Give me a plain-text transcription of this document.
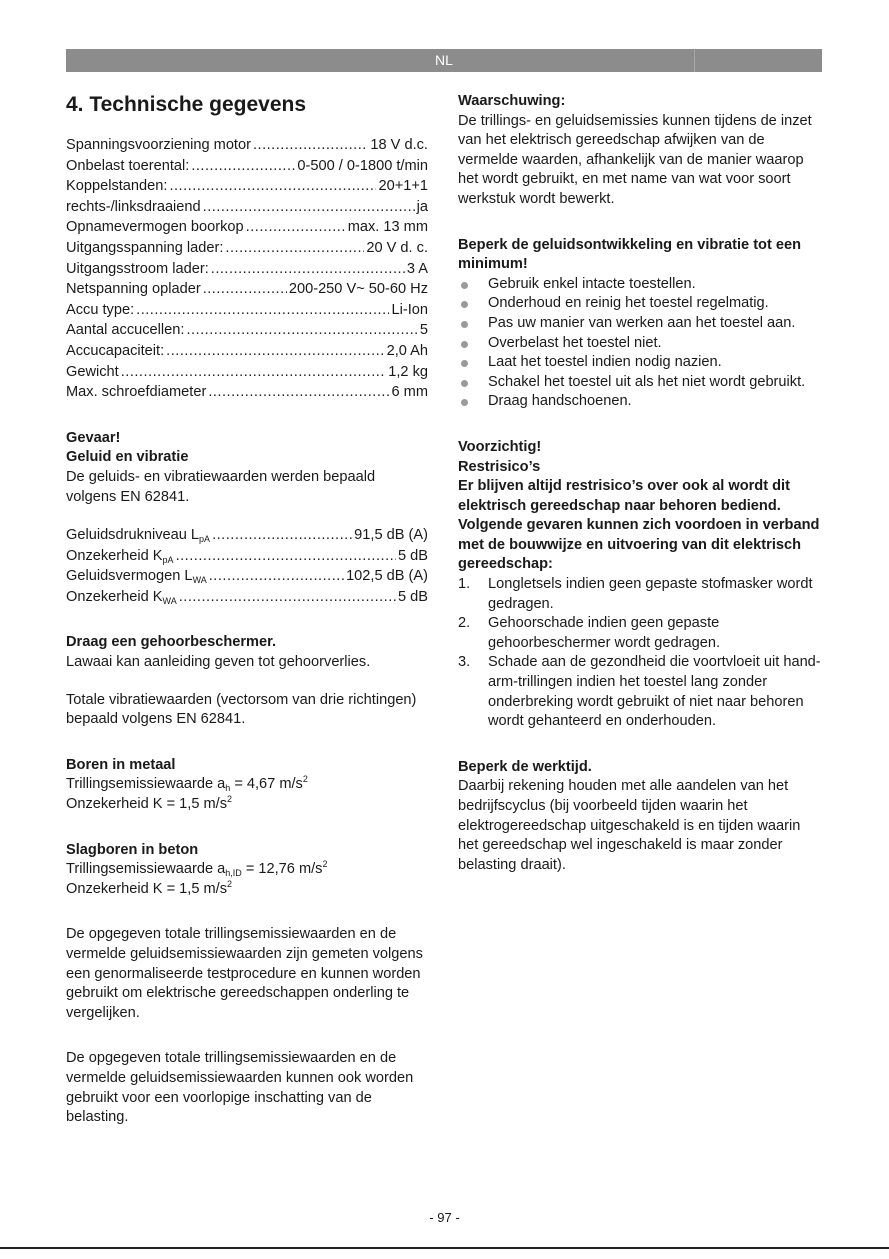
NL
4. Technische gegevens
Spanningsvoorziening motor .....	18 V d.c.
Onbelast toerental: .....	0-500 / 0-1800 t/min
Koppelstanden: .....	20+1+1
rechts-/linksdraaiend .....	ja
Opnamevermogen boorkop .....	max. 13 mm
Uitgangsspanning lader: .....	20 V d. c.
Uitgangsstroom lader: .....	3 A
Netspanning oplader .....	200-250 V~ 50-60 Hz
Accu type: .....	Li-Ion
Aantal accucellen: .....	5
Accucapaciteit: .....	2,0 Ah
Gewicht .....	1,2 kg
Max. schroefdiameter .....	6 mm
Gevaar!
Geluid en vibratie
De geluids- en vibratiewaarden werden bepaald volgens EN 62841.
Geluidsdrukniveau $L_{pA}$ .....	91,5 dB (A)
Onzekerheid $K_{pA}$ .....	5 dB
Geluidsvermogen $L_{WA}$ .....	102,5 dB (A)
Onzekerheid $K_{WA}$ .....	5 dB
Draag een gehoorbeschermer.
Lawaai kan aanleiding geven tot gehoorverlies.
Totale vibratiewaarden (vectorsom van drie richtingen) bepaald volgens EN 62841.
Boren in metaal
Trillingsemissiewaarde $a_h = 4,67$ $m/s^2$
Onzekerheid K = 1,5 $m/s^2$
Slagboren in beton
Trillingsemissiewaarde $a_{h,ID} = 12,76$ $m/s^2$
Onzekerheid K = 1,5 $m/s^2$
De opgegeven totale trillingsemissiewaarden en de vermelde geluidsemissiewaarden zijn gemeten volgens een genormaliseerde testprocedure en kunnen worden gebruikt om elektrische gereedschappen onderling te vergelijken.
De opgegeven totale trillingsemissiewaarden en de vermelde geluidsemissiewaarden kunnen ook worden gebruikt voor een voorlopige inschatting van de belasting.
Waarschuwing:
De trillings- en geluidsemissies kunnen tijdens de inzet van het elektrisch gereedschap afwijken van de vermelde waarden, afhankelijk van de manier waarop het wordt gebruikt, en met name van wat voor soort werkstuk wordt bewerkt.
Beperk de geluidsontwikkeling en vibratie tot een minimum!
Gebruik enkel intacte toestellen.
Onderhoud en reinig het toestel regelmatig.
Pas uw manier van werken aan het toestel aan.
Overbelast het toestel niet.
Laat het toestel indien nodig nazien.
Schakel het toestel uit als het niet wordt gebruikt.
Draag handschoenen.
Voorzichtig!
Restrisico’s
Er blijven altijd restrisico’s over ook al wordt dit elektrisch gereedschap naar behoren bediend. Volgende gevaren kunnen zich voordoen in verband met de bouwwijze en uitvoering van dit elektrisch gereedschap:
1. Longletsels indien geen gepaste stofmasker wordt gedragen.
2. Gehoorschade indien geen gepaste gehoorbeschermer wordt gedragen.
3. Schade aan de gezondheid die voortvloeit uit hand-arm-trillingen indien het toestel lang zonder onderbreking wordt gebruikt of niet naar behoren wordt gehanteerd en onderhouden.
Beperk de werktijd.
Daarbij rekening houden met alle aandelen van het bedrijfscyclus (bij voorbeeld tijden waarin het elektrogereedschap uitgeschakeld is en tijden waarin het gereedschap wel ingeschakeld is maar zonder belasting draait).
- 97 -
